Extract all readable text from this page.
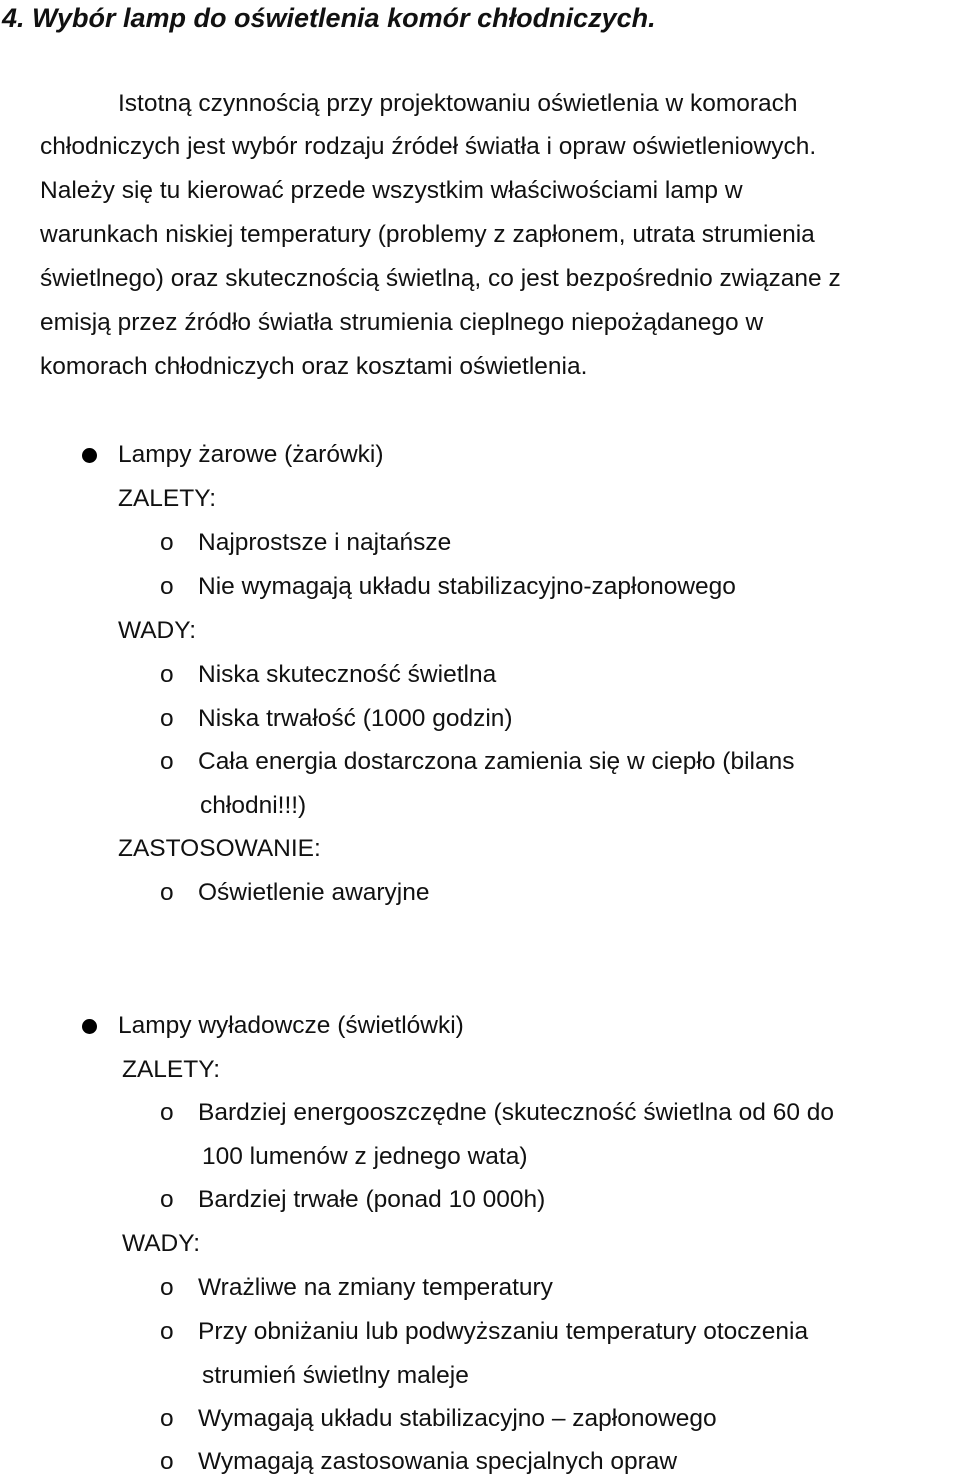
4. Wybór lamp do oświetlenia komór chłodniczych.
Istotną czynnością przy projektowaniu oświetlenia w komorach
chłodniczych jest wybór rodzaju źródeł światła i opraw oświetleniowych.
Należy się tu kierować przede wszystkim właściwościami lamp w
warunkach niskiej temperatury (problemy z zapłonem, utrata strumienia
świetlnego) oraz skutecznością świetlną, co jest bezpośrednio związane z
emisją przez źródło światła strumienia cieplnego niepożądanego w
komorach chłodniczych oraz kosztami oświetlenia.
Lampy żarowe (żarówki)
ZALETY:
o Najprostsze i najtańsze
o Nie wymagają układu stabilizacyjno-zapłonowego
WADY:
o Niska skuteczność świetlna
o Niska trwałość (1000 godzin)
o Cała energia dostarczona zamienia się w ciepło (bilans
chłodni!!!)
ZASTOSOWANIE:
o Oświetlenie awaryjne
Lampy wyładowcze (świetlówki)
ZALETY:
o Bardziej energooszczędne (skuteczność świetlna od 60 do
100 lumenów z jednego wata)
o Bardziej trwałe (ponad 10 000h)
WADY:
o Wrażliwe na zmiany temperatury
o Przy obniżaniu lub podwyższaniu temperatury otoczenia
strumień świetlny maleje
o Wymagają układu stabilizacyjno – zapłonowego
o Wymagają zastosowania specjalnych opraw
